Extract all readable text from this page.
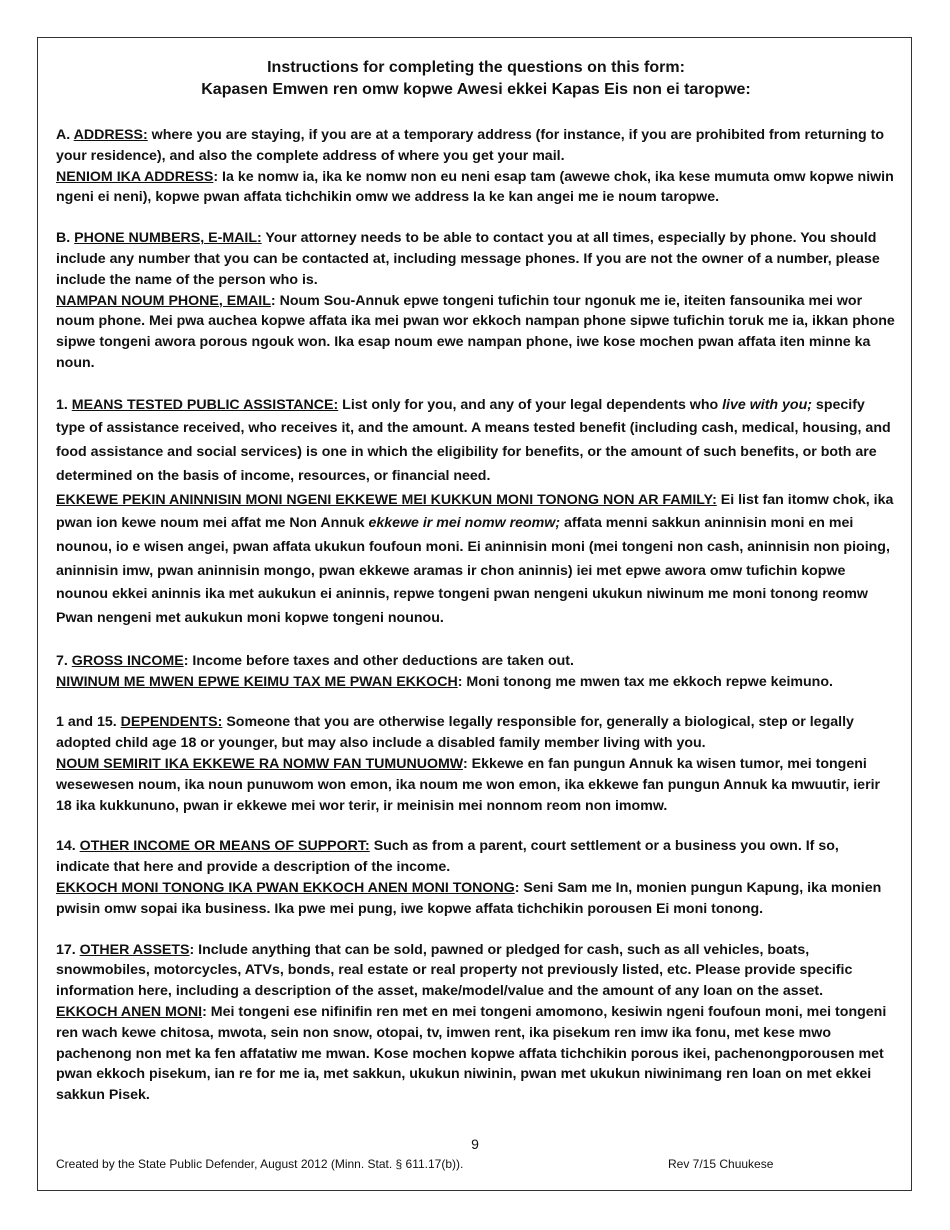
Instructions for completing the questions on this form:
Kapasen Emwen ren omw kopwe Awesi ekkei Kapas Eis non ei taropwe:

A. ADDRESS: where you are staying, if you are at a temporary address (for instance, if you are prohibited from returning to your residence), and also the complete address of where you get your mail.

NENIOM IKA ADDRESS: Ia ke nomw ia, ika ke nomw non eu neni esap tam (awewe chok, ika kese mumuta omw kopwe niwin ngeni ei neni), kopwe pwan affata tichchikin omw we address Ia ke kan angei me ie noum taropwe.

B. PHONE NUMBERS, E-MAIL: Your attorney needs to be able to contact you at all times, especially by phone. You should include any number that you can be contacted at, including message phones. If you are not the owner of a number, please include the name of the person who is.

NAMPAN NOUM PHONE, EMAIL: Noum Sou-Annuk epwe tongeni tufichin tour ngonuk me ie, iteiten fansounika mei wor noum phone. Mei pwa auchea kopwe affata ika mei pwan wor ekkoch nampan phone sipwe tufichin toruk me ia, ikkan phone sipwe tongeni awora porous ngouk won. Ika esap noum ewe nampan phone, iwe kose mochen pwan affata iten minne ka noun.

1. MEANS TESTED PUBLIC ASSISTANCE: List only for you, and any of your legal dependents who live with you; specify type of assistance received, who receives it, and the amount. A means tested benefit (including cash, medical, housing, and food assistance and social services) is one in which the eligibility for benefits, or the amount of such benefits, or both are determined on the basis of income, resources, or financial need.

EKKEWE PEKIN ANINNISIN MONI NGENI EKKEWE MEI KUKKUN MONI TONONG NON AR FAMILY: Ei list fan itomw chok, ika pwan ion kewe noum mei affat me Non Annuk ekkewe ir mei nomw reomw; affata menni sakkun aninnisin moni en mei nounou, io e wisen angei, pwan affata ukukun foufoun moni. Ei aninnisin moni (mei tongeni non cash, aninnisin non pioing, aninnisin imw, pwan aninnisin mongo, pwan ekkewe aramas ir chon aninnis) iei met epwe awora omw tufichin kopwe nounou ekkei aninnis ika met aukukun ei aninnis, repwe tongeni pwan nengeni ukukun niwinum me moni tonong reomw Pwan nengeni met aukukun moni kopwe tongeni nounou.

7. GROSS INCOME: Income before taxes and other deductions are taken out.

NIWINUM ME MWEN EPWE KEIMU TAX ME PWAN EKKOCH: Moni tonong me mwen tax me ekkoch repwe keimuno.

1 and 15. DEPENDENTS: Someone that you are otherwise legally responsible for, generally a biological, step or legally adopted child age 18 or younger, but may also include a disabled family member living with you.

NOUM SEMIRIT IKA EKKEWE RA NOMW FAN TUMUNUOMW: Ekkewe en fan pungun Annuk ka wisen tumor, mei tongeni wesewesen noum, ika noun punuwom won emon, ika noum me won emon, ika ekkewe fan pungun Annuk ka mwuutir, ierir 18 ika kukkununo, pwan ir ekkewe mei wor terir, ir meinisin mei nonnom reom non imomw.

14. OTHER INCOME OR MEANS OF SUPPORT: Such as from a parent, court settlement or a business you own. If so, indicate that here and provide a description of the income.

EKKOCH MONI TONONG IKA PWAN EKKOCH ANEN MONI TONONG: Seni Sam me In, monien pungun Kapung, ika monien pwisin omw sopai ika business. Ika pwe mei pung, iwe kopwe affata tichchikin porousen Ei moni tonong.

17. OTHER ASSETS: Include anything that can be sold, pawned or pledged for cash, such as all vehicles, boats, snowmobiles, motorcycles, ATVs, bonds, real estate or real property not previously listed, etc. Please provide specific information here, including a description of the asset, make/model/value and the amount of any loan on the asset.

EKKOCH ANEN MONI: Mei tongeni ese nifinifin ren met en mei tongeni amomono, kesiwin ngeni foufoun moni, mei tongeni ren wach kewe chitosa, mwota, sein non snow, otopai, tv, imwen rent, ika pisekum ren imw ika fonu, met kese mwo pachenong non met ka fen affatatiw me mwan. Kose mochen kopwe affata tichchikin porous ikei, pachenongporousen met pwan ekkoch pisekum, ian re for me ia, met sakkun, ukukun niwinin, pwan met ukukun niwinimang ren loan on met ekkei sakkun Pisek.

9
Created by the State Public Defender, August 2012 (Minn. Stat. § 611.17(b)).	Rev 7/15 Chuukese
